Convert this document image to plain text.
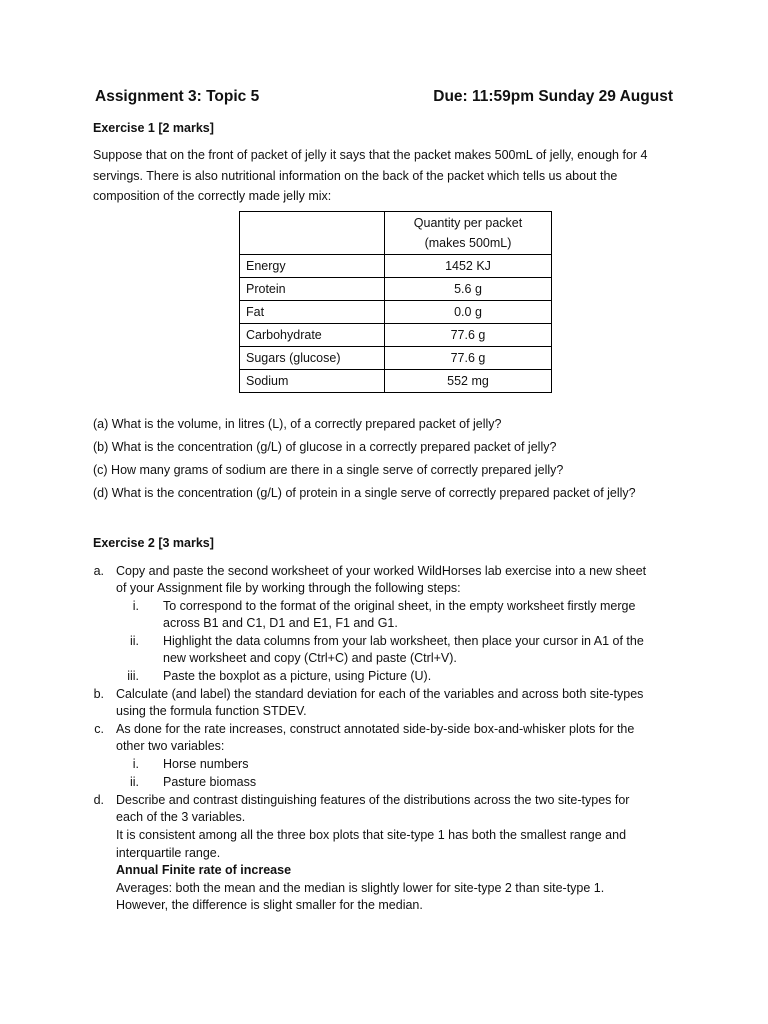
Assignment 3: Topic 5	Due: 11:59pm Sunday 29 August
Exercise 1 [2 marks]
Suppose that on the front of packet of jelly it says that the packet makes 500mL of jelly, enough for 4
servings. There is also nutritional information on the back of the packet which tells us about the
composition of the correctly made jelly mix:

	Quantity per packet
(makes 500mL)

Energy	1452 KJ
Protein	5.6 g
Fat	0.0 g
Carbohydrate	77.6 g
Sugars (glucose)	77.6 g
Sodium	552 mg
(a) What is the volume, in litres (L), of a correctly prepared packet of jelly?
(b) What is the concentration (g/L) of glucose in a correctly prepared packet of jelly?
(c) How many grams of sodium are there in a single serve of correctly prepared jelly?
(d) What is the concentration (g/L) of protein in a single serve of correctly prepared packet of jelly?
Exercise 2 [3 marks]
a.
i.
ii.
iii.
b.
c.
i.
ii.
d.
Copy and paste the second worksheet of your worked WildHorses lab exercise into a new sheet
of your Assignment file by working through the following steps:
To correspond to the format of the original sheet, in the empty worksheet firstly merge
across B1 and C1, D1 and E1, F1 and G1.
Highlight the data columns from your lab worksheet, then place your cursor in A1 of the
new worksheet and copy (Ctrl+C) and paste (Ctrl+V).
Paste the boxplot as a picture, using Picture (U).
Calculate (and label) the standard deviation for each of the variables and across both site-types
using the formula function STDEV.
As done for the rate increases, construct annotated side-by-side box-and-whisker plots for the
other two variables:
Horse numbers
Pasture biomass
Describe and contrast distinguishing features of the distributions across the two site-types for
each of the 3 variables.
It is consistent among all the three box plots that site-type 1 has both the smallest range and
interquartile range.
Annual Finite rate of increase
Averages: both the mean and the median is slightly lower for site-type 2 than site-type 1.
However, the difference is slight smaller for the median.
